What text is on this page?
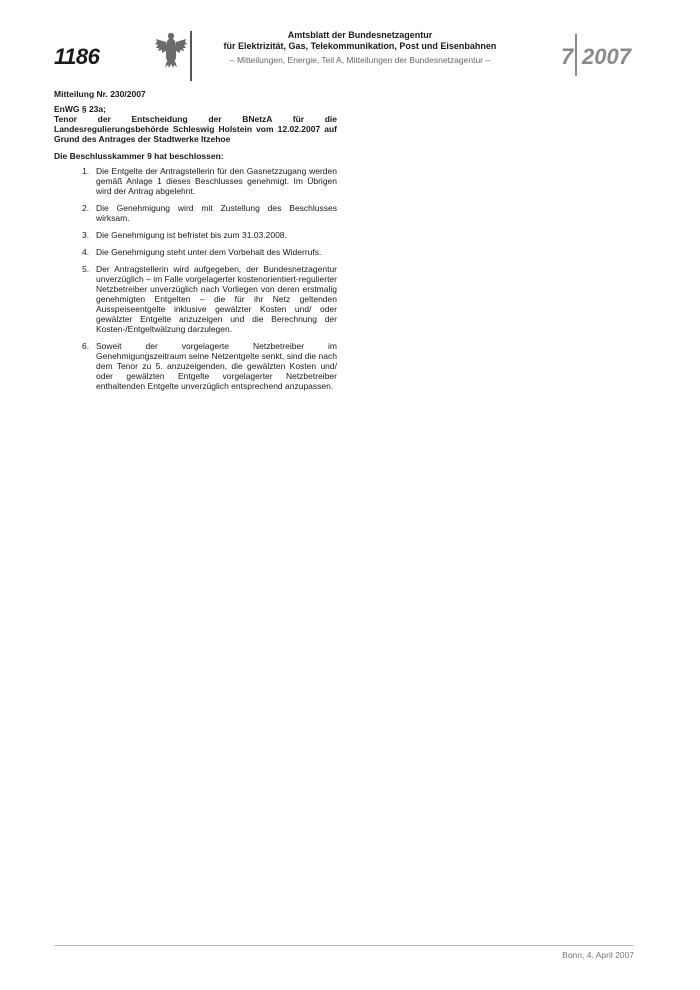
1186
Amtsblatt der Bundesnetzagentur
für Elektrizität, Gas, Telekommunikation, Post und Eisenbahnen
– Mitteilungen, Energie, Teil A, Mitteilungen der Bundesnetzagentur –	7 2007
Mitteilung Nr. 230/2007
EnWG § 23a;
Tenor der Entscheidung der BNetzA für die Landesregulierungsbehörde Schleswig Holstein vom 12.02.2007 auf Grund des Antrages der Stadtwerke Itzehoe
Die Beschlusskammer 9 hat beschlossen:
1. Die Entgelte der Antragstellerin für den Gasnetzzugang werden gemäß Anlage 1 dieses Beschlusses genehmigt. Im Übrigen wird der Antrag abgelehnt.
2. Die Genehmigung wird mit Zustellung des Beschlusses wirksam.
3. Die Genehmigung ist befristet bis zum 31.03.2008.
4. Die Genehmigung steht unter dem Vorbehalt des Widerrufs.
5. Der Antragstellerin wird aufgegeben, der Bundesnetzagentur unverzüglich – im Falle vorgelagerter kostenorientiert-regulierter Netzbetreiber unverzüglich nach Vorliegen von deren erstmalig genehmigten Entgelten – die für ihr Netz geltenden Ausspeiseentgelte inklusive gewälzter Kosten und/ oder gewälzter Entgelte anzuzeigen und die Berechnung der Kosten-/Entgeltwälzung darzulegen.
6. Soweit der vorgelagerte Netzbetreiber im Genehmigungszeitraum seine Netzentgelte senkt, sind die nach dem Tenor zu 5. anzuzeigenden, die gewälzten Kosten und/ oder gewälzten Entgelte vorgelagerter Netzbetreiber enthaltenden Entgelte unverzüglich entsprechend anzupassen.
Bonn, 4. April 2007
